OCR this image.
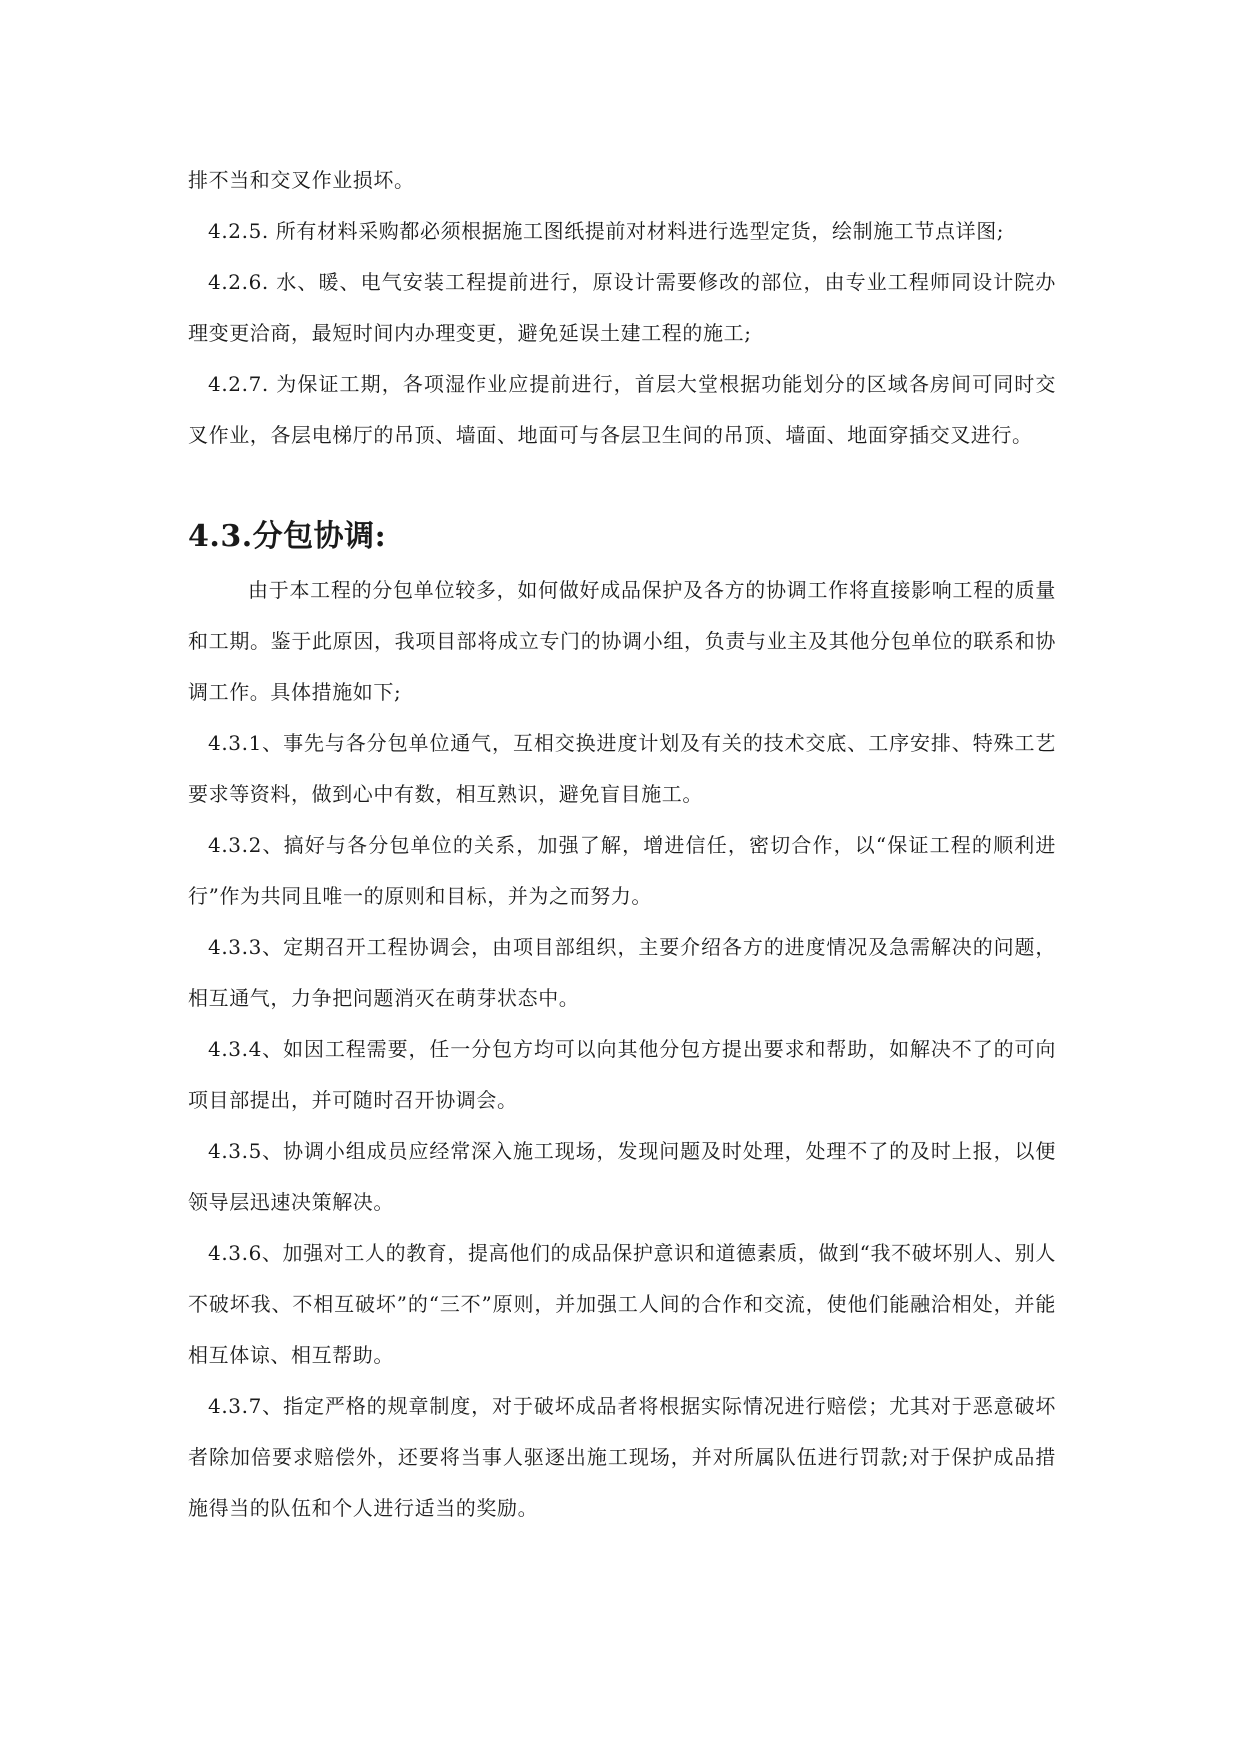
排不当和交叉作业损坏。

4.2.5. 所有材料采购都必须根据施工图纸提前对材料进行选型定货，绘制施工节点详图;

4.2.6. 水、暖、电气安装工程提前进行，原设计需要修改的部位，由专业工程师同设计院办理变更洽商，最短时间内办理变更，避免延误土建工程的施工;

4.2.7. 为保证工期，各项湿作业应提前进行，首层大堂根据功能划分的区域各房间可同时交叉作业，各层电梯厅的吊顶、墙面、地面可与各层卫生间的吊顶、墙面、地面穿插交叉进行。

4.3.分包协调:

由于本工程的分包单位较多，如何做好成品保护及各方的协调工作将直接影响工程的质量和工期。鉴于此原因，我项目部将成立专门的协调小组，负责与业主及其他分包单位的联系和协调工作。具体措施如下;

4.3.1、事先与各分包单位通气，互相交换进度计划及有关的技术交底、工序安排、特殊工艺要求等资料，做到心中有数，相互熟识，避免盲目施工。

4.3.2、搞好与各分包单位的关系，加强了解，增进信任，密切合作，以“保证工程的顺利进行”作为共同且唯一的原则和目标，并为之而努力。

4.3.3、定期召开工程协调会，由项目部组织，主要介绍各方的进度情况及急需解决的问题，相互通气，力争把问题消灭在萌芽状态中。

4.3.4、如因工程需要，任一分包方均可以向其他分包方提出要求和帮助，如解决不了的可向项目部提出，并可随时召开协调会。

4.3.5、协调小组成员应经常深入施工现场，发现问题及时处理，处理不了的及时上报，以便领导层迅速决策解决。

4.3.6、加强对工人的教育，提高他们的成品保护意识和道德素质，做到“我不破坏别人、别人不破坏我、不相互破坏”的“三不”原则，并加强工人间的合作和交流，使他们能融洽相处，并能相互体谅、相互帮助。

4.3.7、指定严格的规章制度，对于破坏成品者将根据实际情况进行赔偿；尤其对于恶意破坏者除加倍要求赔偿外，还要将当事人驱逐出施工现场，并对所属队伍进行罚款;对于保护成品措施得当的队伍和个人进行适当的奖励。
